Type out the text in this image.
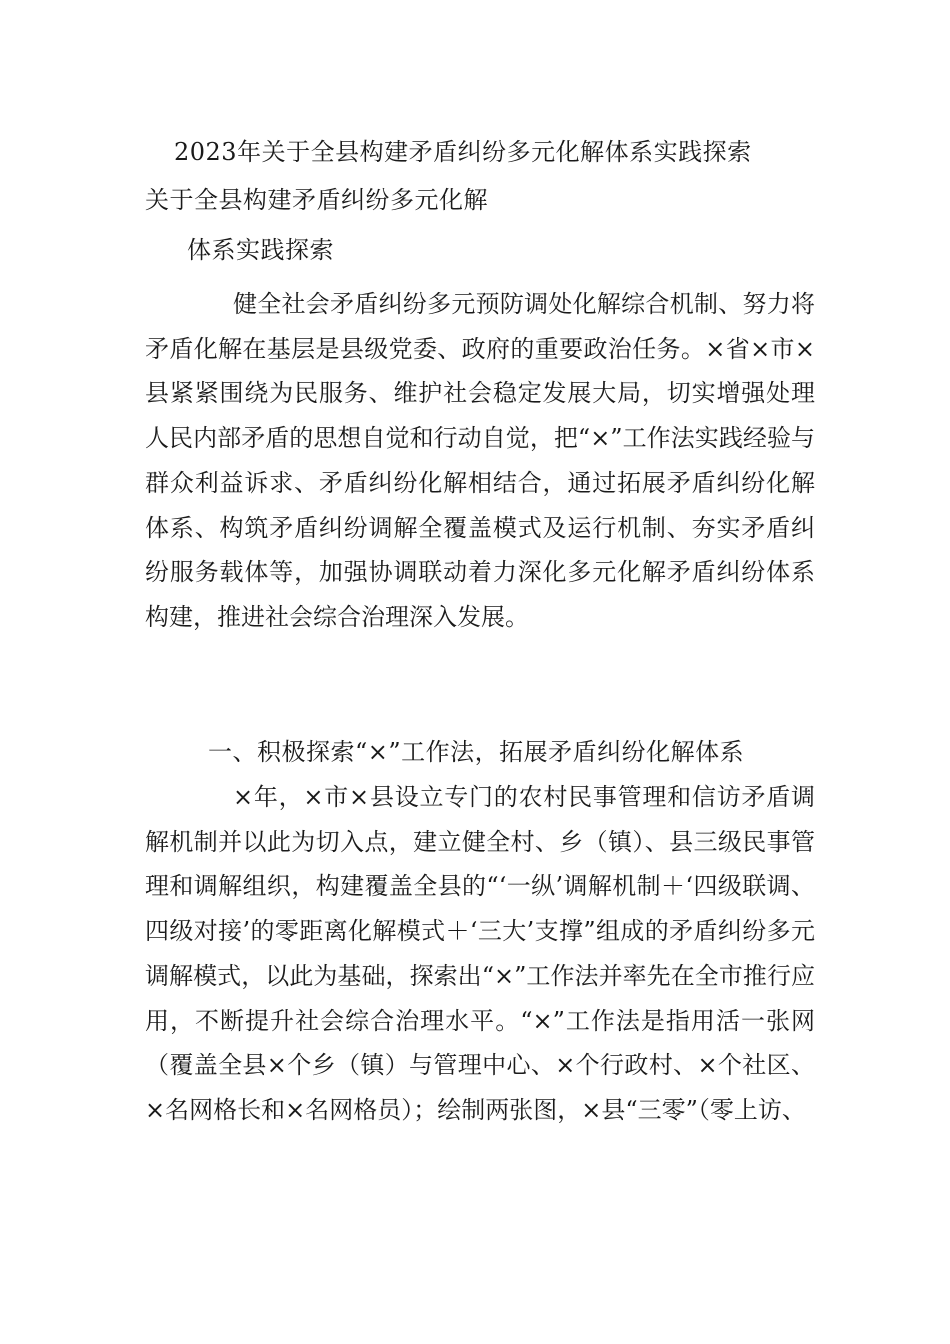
2023年关于全县构建矛盾纠纷多元化解体系实践探索
关于全县构建矛盾纠纷多元化解
体系实践探索
健全社会矛盾纠纷多元预防调处化解综合机制、努力将矛盾化解在基层是县级党委、政府的重要政治任务。×省×市×县紧紧围绕为民服务、维护社会稳定发展大局，切实增强处理人民内部矛盾的思想自觉和行动自觉，把“×”工作法实践经验与群众利益诉求、矛盾纠纷化解相结合，通过拓展矛盾纠纷化解体系、构筑矛盾纠纷调解全覆盖模式及运行机制、夯实矛盾纠纷服务载体等，加强协调联动着力深化多元化解矛盾纠纷体系构建，推进社会综合治理深入发展。
一、积极探索“×”工作法，拓展矛盾纠纷化解体系
×年，×市×县设立专门的农村民事管理和信访矛盾调解机制并以此为切入点，建立健全村、乡（镇）、县三级民事管理和调解组织，构建覆盖全县的“‘一纵’调解机制＋‘四级联调、四级对接’的零距离化解模式＋‘三大’支撑”组成的矛盾纠纷多元调解模式，以此为基础，探索出“×”工作法并率先在全市推行应用，不断提升社会综合治理水平。“×”工作法是指用活一张网（覆盖全县×个乡（镇）与管理中心、×个行政村、×个社区、×名网格长和×名网格员）；绘制两张图，×县“三零”（零上访、
